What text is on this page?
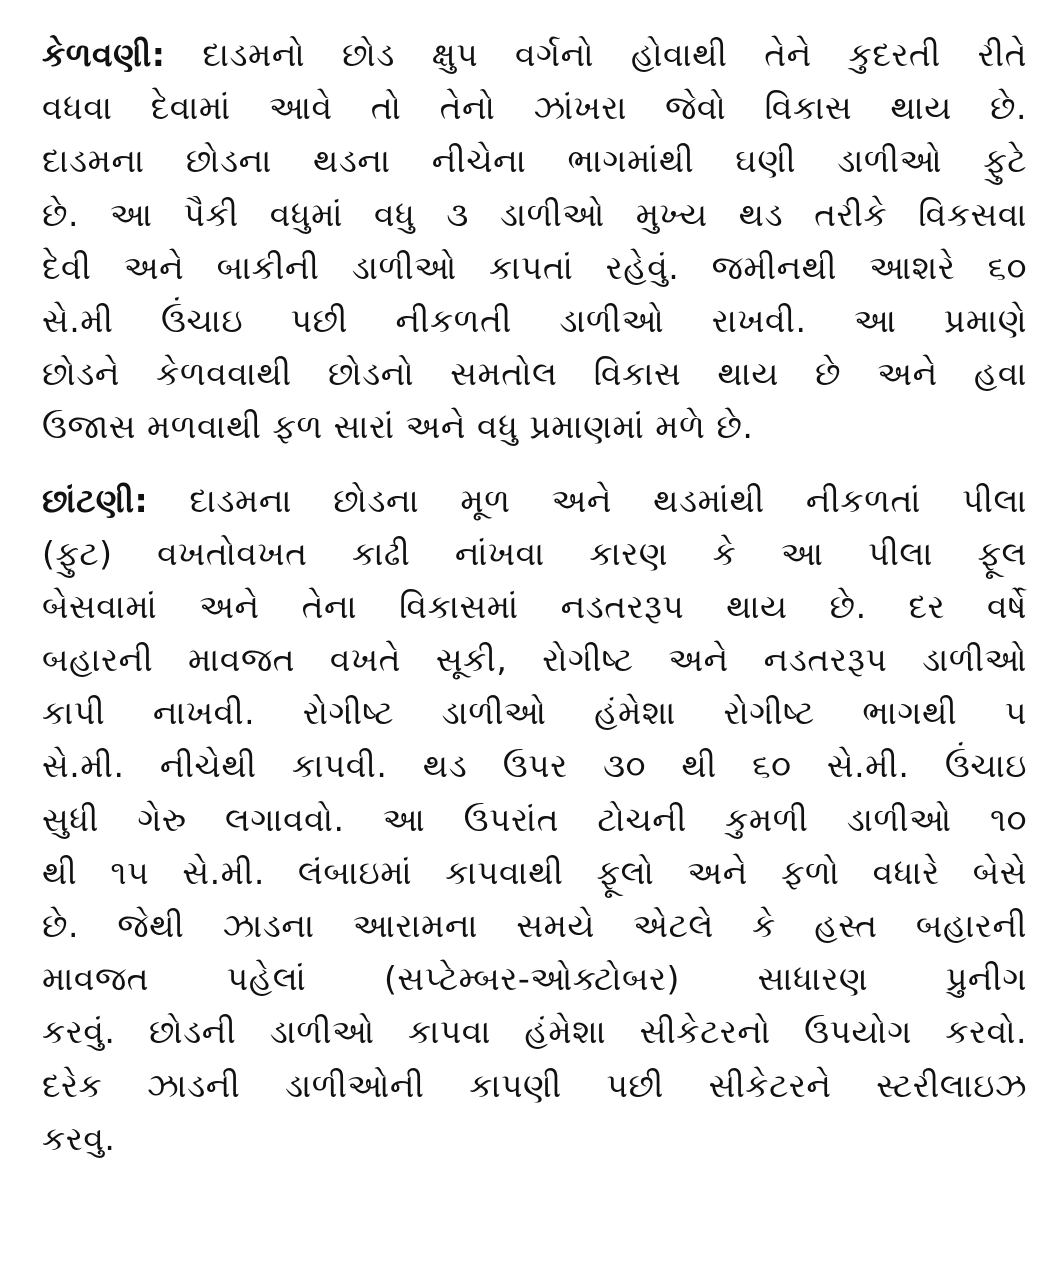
કેળવણી: દાડમનો છોડ ક્ષુપ વર્ગનો હોવાથી તેને કુદરતી રીતે
વધવા દેવામાં આવે તો તેનો ઝાંખરા જેવો વિકાસ થાય છે.
દાડમના છોડના થડના નીચેના ભાગમાંથી ઘણી ડાળીઓ ફુટે
છે. આ પૈકી વધુમાં વધુ ૩ ડાળીઓ મુખ્ય થડ તરીકે વિકસવા
દેવી અને બાકીની ડાળીઓ કાપતાં રહેવું. જમીનથી આશરે ૬૦
સે.મી ઉંચાઇ પછી નીકળતી ડાળીઓ રાખવી. આ પ્રમાણે
છોડને કેળવવાથી છોડનો સમતોલ વિકાસ થાય છે અને હવા
ઉજાસ મળવાથી ફળ સારાં અને વધુ પ્રમાણમાં મળે છે.
છાંટણી: દાડમના છોડના મૂળ અને થડમાંથી નીકળતાં પીલા
(ફુટ) વખતોવખત કાઢી નાંખવા કારણ કે આ પીલા ફૂલ
બેસવામાં અને તેના વિકાસમાં નડતરરૂપ થાય છે. દર વર્ષે
બહારની માવજત વખતે સૂકી, રોગીષ્ટ અને નડતરરૂપ ડાળીઓ
કાપી નાખવી. રોગીષ્ટ ડાળીઓ હંમેશા રોગીષ્ટ ભાગથી ૫
સે.મી. નીચેથી કાપવી. થડ ઉપર ૩૦ થી ૬૦ સે.મી. ઉંચાઇ
સુધી ગેરુ લગાવવો. આ ઉપરાંત ટોચની કુમળી ડાળીઓ ૧૦
થી ૧૫ સે.મી. લંબાઇમાં કાપવાથી ફૂલો અને ફળો વધારે બેસે
છે. જેથી ઝાડના આરામના સમયે એટલે કે હસ્ત બહારની
માવજત પહેલાં (સપ્ટેમ્બર-ઓક્ટોબર) સાધારણ પ્રુનીગ
કરવું. છોડની ડાળીઓ કાપવા હંમેશા સીકેટરનો ઉપયોગ કરવો.
દરેક ઝાડની ડાળીઓની કાપણી પછી સીકેટરને સ્ટરીલાઇઝ
કરવુ.
